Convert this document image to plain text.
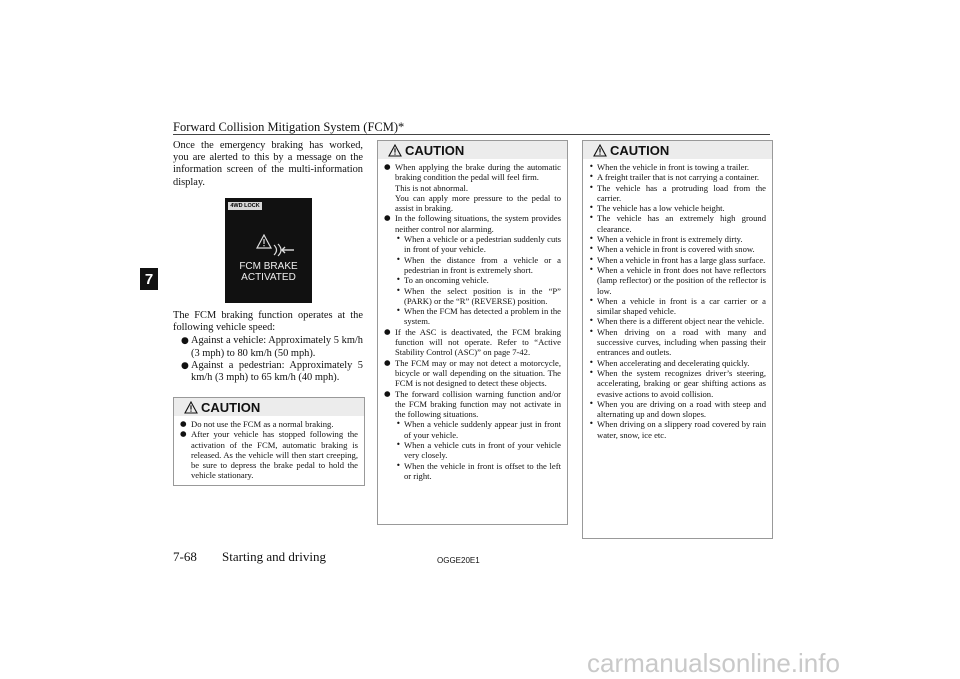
Forward Collision Mitigation System (FCM)*
7

Once the emergency braking has worked, you are alerted to this by a message on the information screen of the multi-information display.

4WD LOCK
FCM BRAKE
ACTIVATED

The FCM braking function operates at the following vehicle speed:

● Against a vehicle: Approximately 5 km/h (3 mph) to 80 km/h (50 mph).
● Against a pedestrian: Approximately 5 km/h (3 mph) to 65 km/h (40 mph).
CAUTION
● Do not use the FCM as a normal braking.
● After your vehicle has stopped following the activation of the FCM, automatic braking is released. As the vehicle will then start creeping, be sure to depress the brake pedal to hold the vehicle stationary.
CAUTION
● When applying the brake during the automatic braking condition the pedal will feel firm.
This is not abnormal.
You can apply more pressure to the pedal to assist in braking.
● In the following situations, the system provides neither control nor alarming.
• When a vehicle or a pedestrian suddenly cuts in front of your vehicle.
• When the distance from a vehicle or a pedestrian in front is extremely short.
• To an oncoming vehicle.
• When the select position is in the “P” (PARK) or the “R” (REVERSE) position.
• When the FCM has detected a problem in the system.
● If the ASC is deactivated, the FCM braking function will not operate. Refer to “Active Stability Control (ASC)” on page 7-42.
● The FCM may or may not detect a motorcycle, bicycle or wall depending on the situation. The FCM is not designed to detect these objects.
● The forward collision warning function and/or the FCM braking function may not activate in the following situations.
• When a vehicle suddenly appear just in front of your vehicle.
• When a vehicle cuts in front of your vehicle very closely.
• When the vehicle in front is offset to the left or right.
CAUTION
• When the vehicle in front is towing a trailer.
• A freight trailer that is not carrying a container.
• The vehicle has a protruding load from the carrier.
• The vehicle has a low vehicle height.
• The vehicle has an extremely high ground clearance.
• When a vehicle in front is extremely dirty.
• When a vehicle in front is covered with snow.
• When a vehicle in front has a large glass surface.
• When a vehicle in front does not have reflectors (lamp reflector) or the position of the reflector is low.
• When a vehicle in front is a car carrier or a similar shaped vehicle.
• When there is a different object near the vehicle.
• When driving on a road with many and successive curves, including when passing their entrances and outlets.
• When accelerating and decelerating quickly.
• When the system recognizes driver’s steering, accelerating, braking or gear shifting actions as evasive actions to avoid collision.
• When you are driving on a road with steep and alternating up and down slopes.
• When driving on a slippery road covered by rain water, snow, ice etc.
7-68 Starting and driving	OGGE20E1
carmanualsonline.info
